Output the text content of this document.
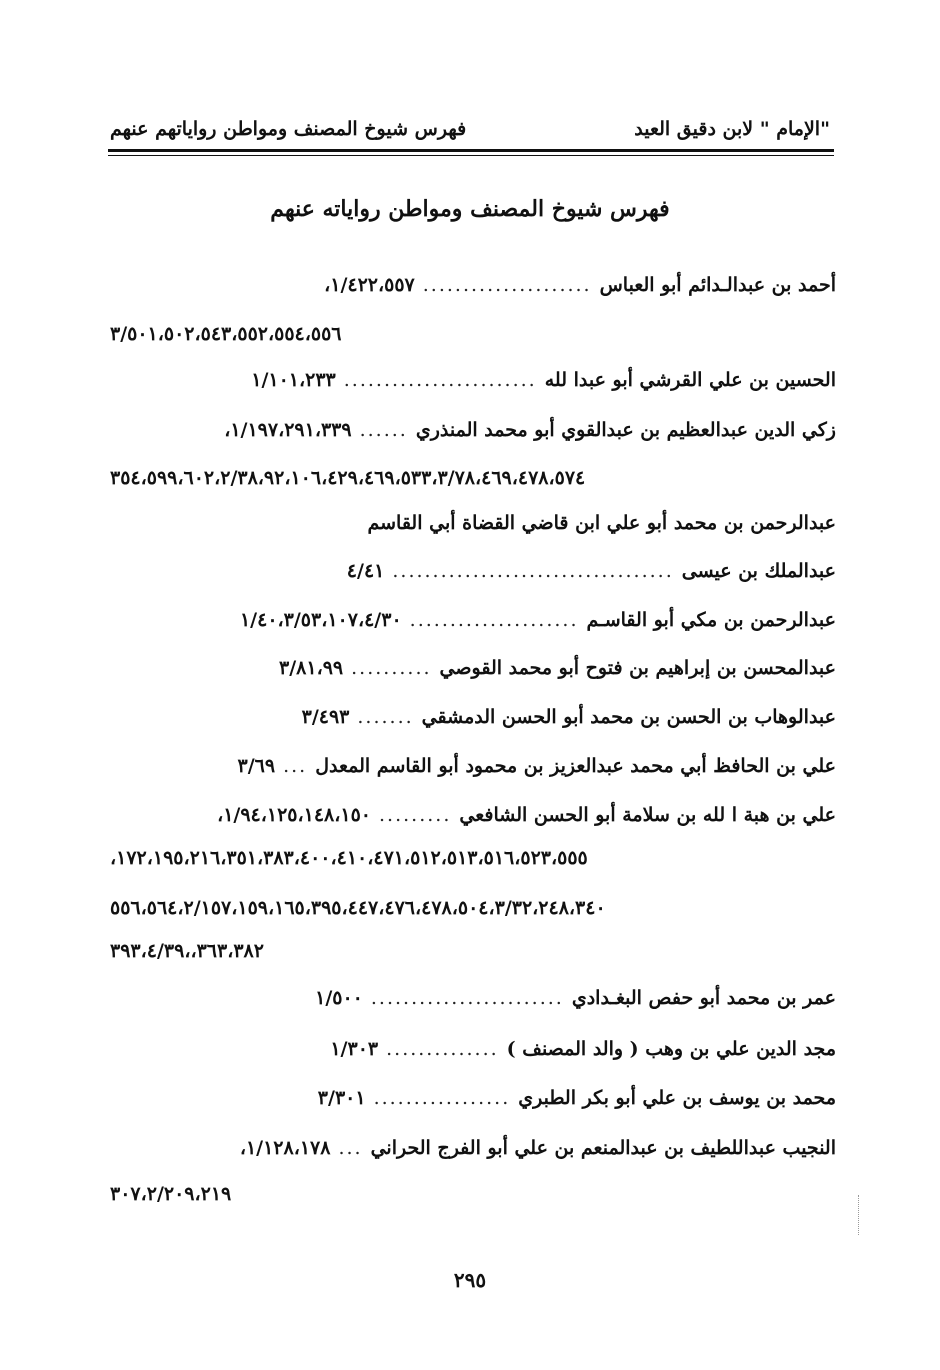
"الإمام " لابن دقيق العيد
فهرس شيوخ المصنف ومواطن رواياتهم عنهم
فهرس شيوخ المصنف ومواطن رواياته عنهم
أحمد بن عبدالـدائم أبو العباس
.....................
١/٤٢٢،٥٥٧،
٣/٥٠١،٥٠٢،٥٤٣،٥٥٢،٥٥٤،٥٥٦
الحسين بن علي القرشي أبو عبدا لله
........................
١/١٠١،٢٣٣
زكي الدين عبدالعظيم بن عبدالقوي أبو محمد المنذري
......
١/١٩٧،٢٩١،٣٣٩،
٣٥٤،٥٩٩،٦٠٢،٢/٣٨،٩٢،١٠٦،٤٢٩،٤٦٩،٥٣٣،٣/٧٨،٤٦٩،٤٧٨،٥٧٤
عبدالرحمن بن محمد أبو علي ابن قاضي القضاة أبي القاسم
عبدالملك بن عيسى
...................................
٤/٤١
عبدالرحمن بن مكي أبو القاسـم
.....................
١/٤٠،٣/٥٣،١٠٧،٤/٣٠
عبدالمحسن بن إبراهيم بن فتوح أبو محمد القوصي
..........
٣/٨١،٩٩
عبدالوهاب بن الحسن بن محمد أبو الحسن الدمشقي
.......
٣/٤٩٣
علي بن الحافظ أبي محمد عبدالعزيز بن محمود أبو القاسم المعدل
...
٣/٦٩
علي بن هبة ا لله بن سلامة أبو الحسن الشافعي
.........
١/٩٤،١٢٥،١٤٨،١٥٠،
١٧٢،١٩٥،٢١٦،٣٥١،٣٨٣،٤٠٠،٤١٠،٤٧١،٥١٢،٥١٣،٥١٦،٥٢٣،٥٥٥،
٥٥٦،٥٦٤،٢/١٥٧،١٥٩،١٦٥،٣٩٥،٤٤٧،٤٧٦،٤٧٨،٥٠٤،٣/٣٢،٢٤٨،٣٤٠
٣٦٣،٣٨٢،،٣٩٣،٤/٣٩
عمر بن محمد أبو حفص البغـدادي
........................
١/٥٠٠
مجد الدين علي بن وهب ( والد المصنف )
..............
١/٣٠٣
محمد بن يوسف بن علي أبو بكر الطبري
.................
٣/٣٠١
النجيب عبداللطيف بن عبدالمنعم بن علي أبو الفرج الحراني
...
١/١٢٨،١٧٨،
٣٠٧،٢/٢٠٩،٢١٩
٢٩٥
